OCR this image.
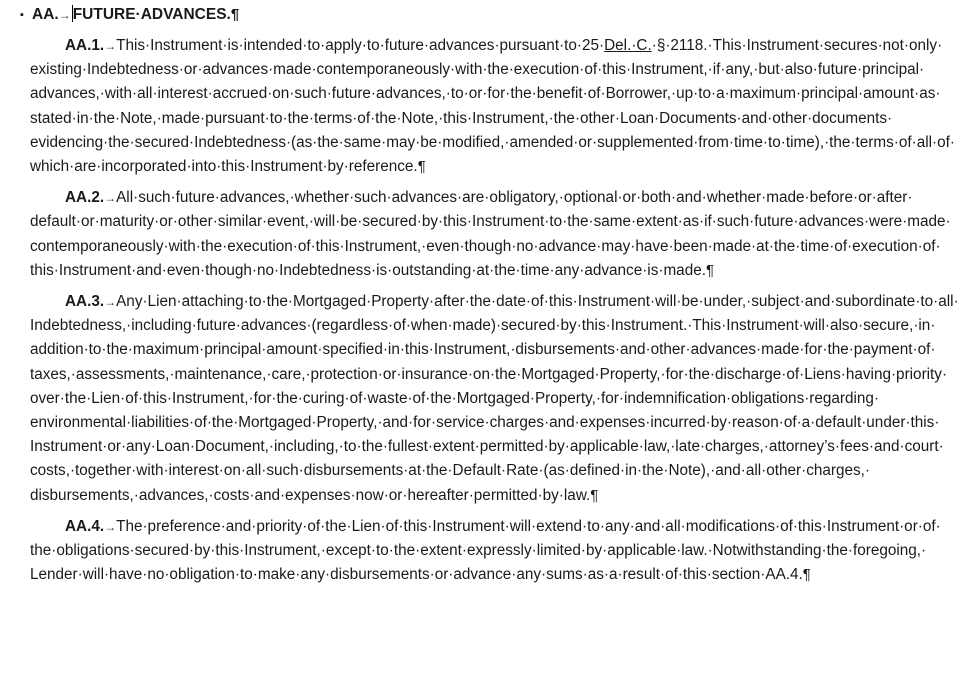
▪ AA.→ FUTURE·​ADVANCES.¶

AA.1.→This·​Instrument·​is·​intended·​to·​apply·​to·​future·​advances·​pursuant·​to·​25·​Del.·​C.·​§·​2118.·​This·​Instrument·​secures·​not·​only·​existing·​Indebtedness·​or·​advances·​made·​contemporaneously·​with·​the·​execution·​of·​this·​Instrument,·​if·​any,·​but·​also·​future·​principal·​advances,·​with·​all·​interest·​accrued·​on·​such·​future·​advances,·​to·​or·​for·​the·​benefit·​of·​Borrower,·​up·​to·​a·​maximum·​principal·​amount·​as·​stated·​in·​the·​Note,·​made·​pursuant·​to·​the·​terms·​of·​the·​Note,·​this·​Instrument,·​the·​other·​Loan·​Documents·​and·​other·​documents·​evidencing·​the·​secured·​Indebtedness·​(as·​the·​same·​may·​be·​modified,·​amended·​or·​supplemented·​from·​time·​to·​time),·​the·​terms·​of·​all·​of·​which·​are·​incorporated·​into·​this·​Instrument·​by·​reference.¶

AA.2.→All·​such·​future·​advances,·​whether·​such·​advances·​are·​obligatory,·​optional·​or·​both·​and·​whether·​made·​before·​or·​after·​default·​or·​maturity·​or·​other·​similar·​event,·​will·​be·​secured·​by·​this·​Instrument·​to·​the·​same·​extent·​as·​if·​such·​future·​advances·​were·​made·​contemporaneously·​with·​the·​execution·​of·​this·​Instrument,·​even·​though·​no·​advance·​may·​have·​been·​made·​at·​the·​time·​of·​execution·​of·​this·​Instrument·​and·​even·​though·​no·​Indebtedness·​is·​outstanding·​at·​the·​time·​any·​advance·​is·​made.¶

AA.3.→Any·​Lien·​attaching·​to·​the·​Mortgaged·​Property·​after·​the·​date·​of·​this·​Instrument·​will·​be·​under,·​subject·​and·​subordinate·​to·​all·​Indebtedness,·​including·​future·​advances·​(regardless·​of·​when·​made)·​secured·​by·​this·​Instrument.·​This·​Instrument·​will·​also·​secure,·​in·​addition·​to·​the·​maximum·​principal·​amount·​specified·​in·​this·​Instrument,·​disbursements·​and·​other·​advances·​made·​for·​the·​payment·​of·​taxes,·​assessments,·​maintenance,·​care,·​protection·​or·​insurance·​on·​the·​Mortgaged·​Property,·​for·​the·​discharge·​of·​Liens·​having·​priority·​over·​the·​Lien·​of·​this·​Instrument,·​for·​the·​curing·​of·​waste·​of·​the·​Mortgaged·​Property,·​for·​indemnification·​obligations·​regarding·​environmental·​liabilities·​of·​the·​Mortgaged·​Property,·​and·​for·​service·​charges·​and·​expenses·​incurred·​by·​reason·​of·​a·​default·​under·​this·​Instrument·​or·​any·​Loan·​Document,·​including,·​to·​the·​fullest·​extent·​permitted·​by·​applicable·​law,·​late·​charges,·​attorney’s·​fees·​and·​court·​costs,·​together·​with·​interest·​on·​all·​such·​disbursements·​at·​the·​Default·​Rate·​(as·​defined·​in·​the·​Note),·​and·​all·​other·​charges,·​disbursements,·​advances,·​costs·​and·​expenses·​now·​or·​hereafter·​permitted·​by·​law.¶

AA.4.→The·​preference·​and·​priority·​of·​the·​Lien·​of·​this·​Instrument·​will·​extend·​to·​any·​and·​all·​modifications·​of·​this·​Instrument·​or·​of·​the·​obligations·​secured·​by·​this·​Instrument,·​except·​to·​the·​extent·​expressly·​limited·​by·​applicable·​law.·​Notwithstanding·​the·​foregoing,·​Lender·​will·​have·​no·​obligation·​to·​make·​any·​disbursements·​or·​advance·​any·​sums·​as·​a·​result·​of·​this·​section·​AA.4.¶
